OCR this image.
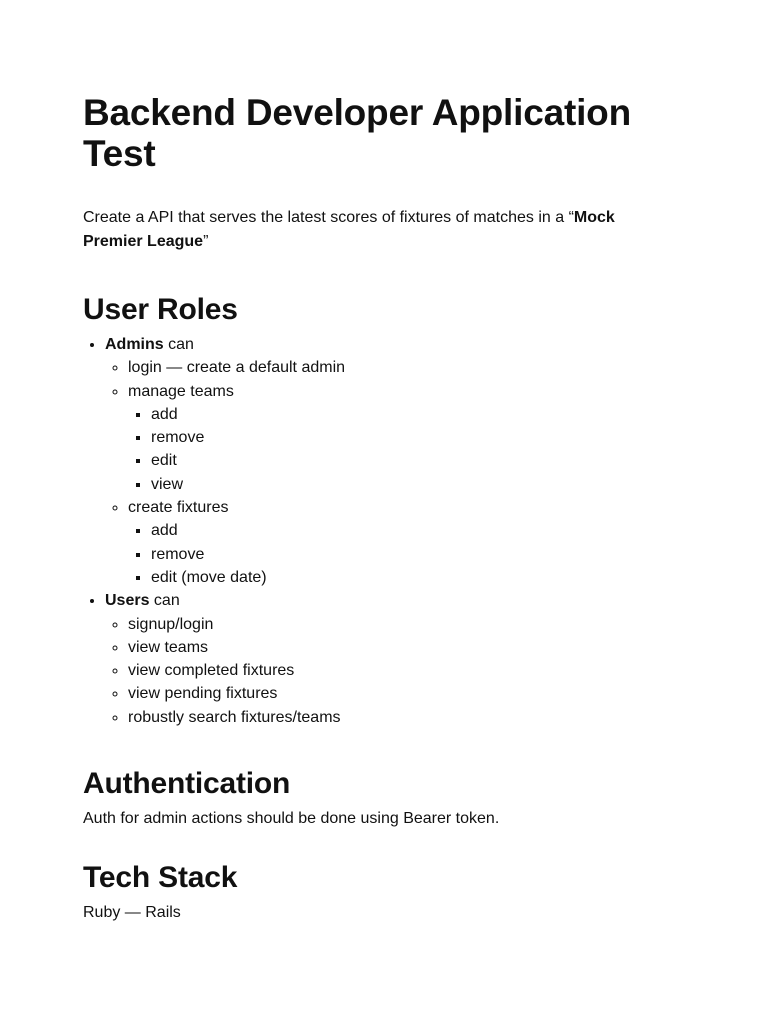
Backend Developer Application Test

Create a API that serves the latest scores of fixtures of matches in a “Mock Premier League”

User Roles
• Admins can
◦ login — create a default admin
◦ manage teams
▪ add
▪ remove
▪ edit
▪ view
◦ create fixtures
▪ add
▪ remove
▪ edit (move date)
• Users can
◦ signup/login
◦ view teams
◦ view completed fixtures
◦ view pending fixtures
◦ robustly search fixtures/teams
Authentication

Auth for admin actions should be done using Bearer token.

Tech Stack

Ruby — Rails
